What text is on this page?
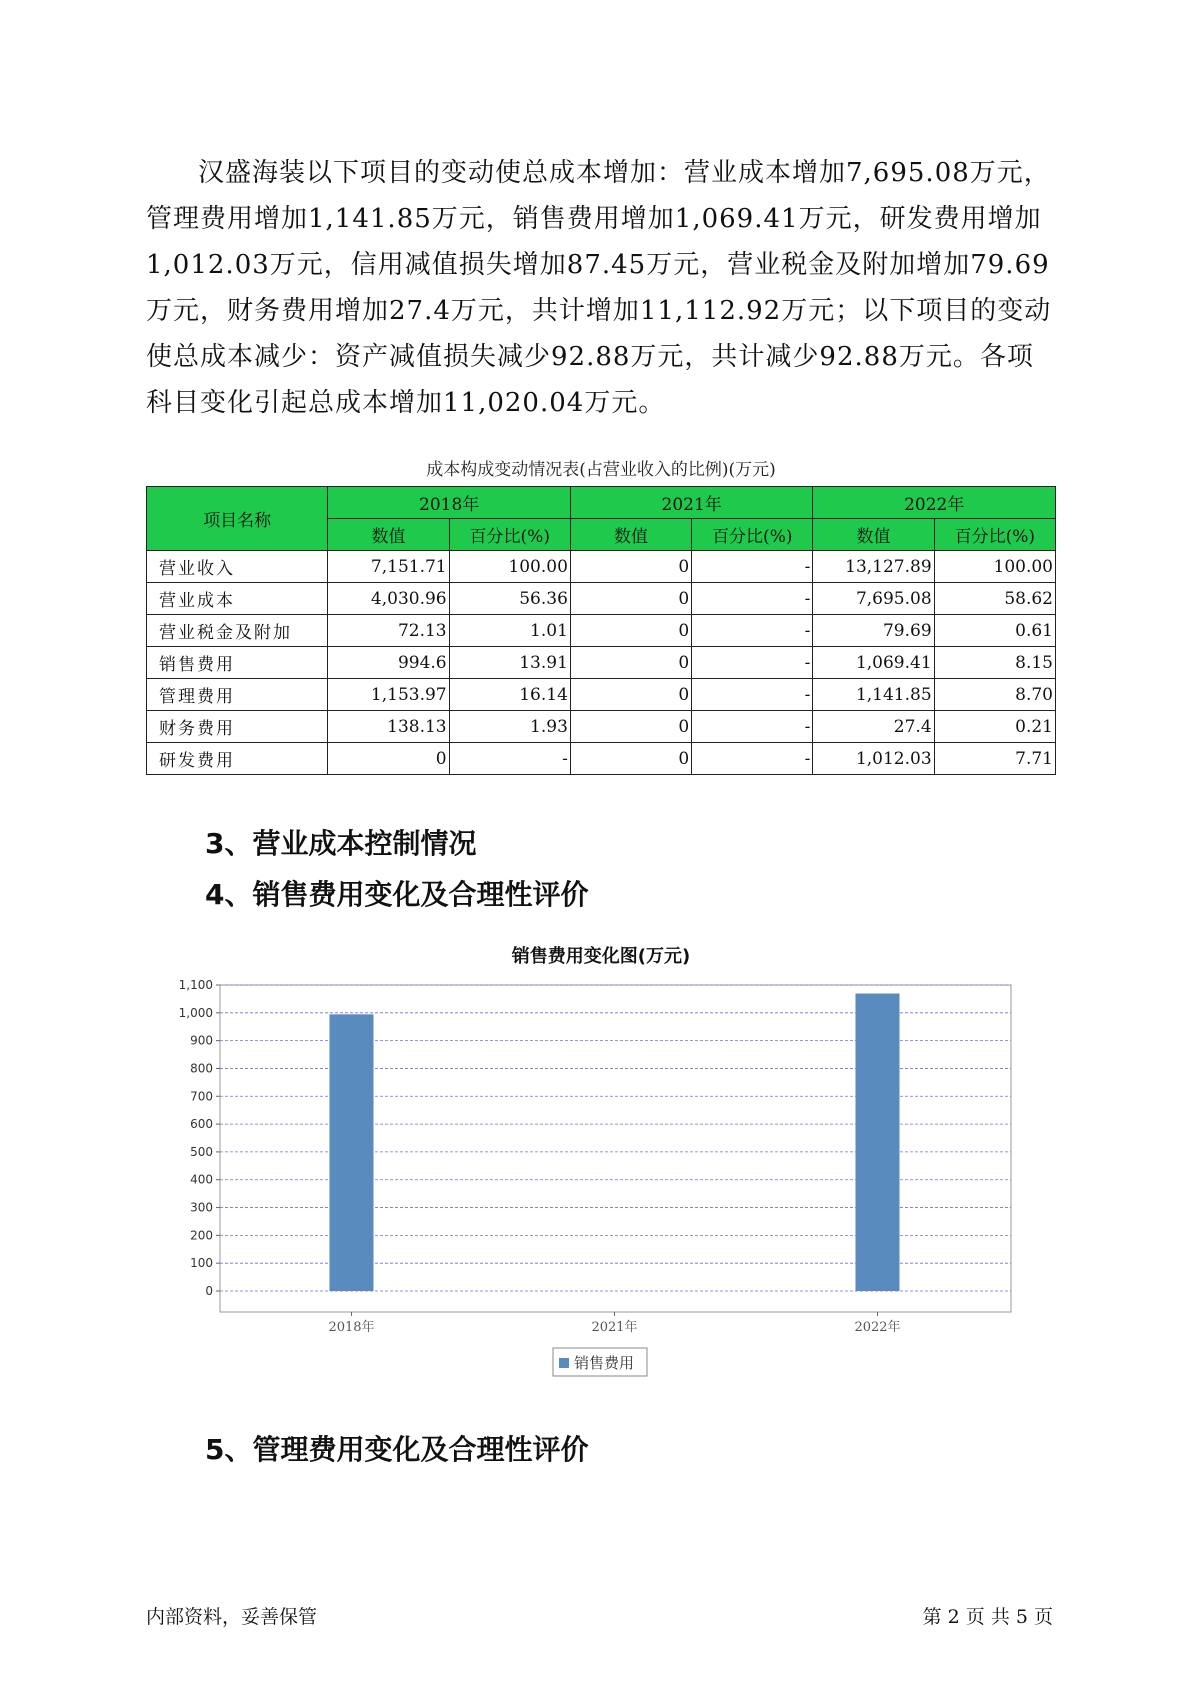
汉盛海装以下项目的变动使总成本增加：营业成本增加7,695.08万元，管理费用增加1,141.85万元，销售费用增加1,069.41万元，研发费用增加1,012.03万元，信用减值损失增加87.45万元，营业税金及附加增加79.69万元，财务费用增加27.4万元，共计增加11,112.92万元；以下项目的变动使总成本减少：资产减值损失减少92.88万元，共计减少92.88万元。各项科目变化引起总成本增加11,020.04万元。

成本构成变动情况表(占营业收入的比例)(万元)
项目名称	2018年		2021年		2022年	
	数值	百分比(%)	数值	百分比(%)	数值	百分比(%)
营业收入	7,151.71	100.00	0	-	13,127.89	100.00
营业成本	4,030.96	56.36	0	-	7,695.08	58.62
营业税金及附加	72.13	1.01	0	-	79.69	0.61
销售费用	994.6	13.91	0	-	1,069.41	8.15
管理费用	1,153.97	16.14	0	-	1,141.85	8.70
财务费用	138.13	1.93	0	-	27.4	0.21
研发费用	0	-	0	-	1,012.03	7.71
3、营业成本控制情况
4、销售费用变化及合理性评价
销售费用变化图(万元)
0
100
200
300
400
500
600
700
800
900
1,000
1,100
2018年	2021年	2022年
销售费用
5、管理费用变化及合理性评价
内部资料，妥善保管	第 2 页 共 5 页
